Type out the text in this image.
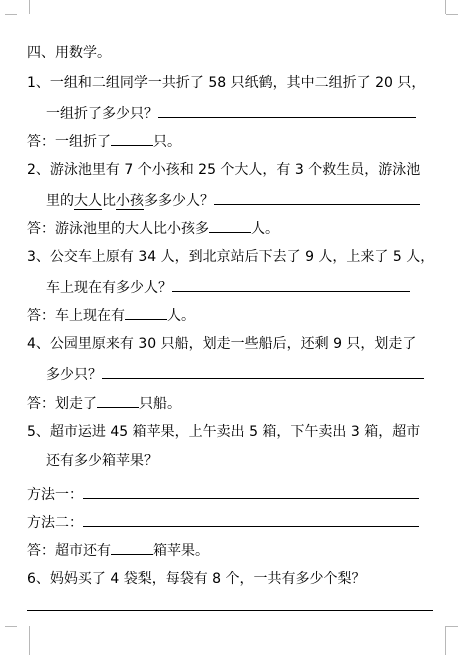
四、用数学。
1、一组和二组同学一共折了 58 只纸鹤，其中二组折了 20 只，
一组折了多少只？
答：一组折了	只。
2、游泳池里有 7 个小孩和 25 个大人，有 3 个救生员，游泳池
里的大人比小孩多多少人？
答：游泳池里的大人比小孩多	人。
3、公交车上原有 34 人，到北京站后下去了 9 人，上来了 5 人，
车上现在有多少人？
答：车上现在有	人。
4、公园里原来有 30 只船，划走一些船后，还剩 9 只，划走了
多少只？
答：划走了	只船。
5、超市运进 45 箱苹果，上午卖出 5 箱，下午卖出 3 箱，超市
还有多少箱苹果？
方法一：
方法二：
答：超市还有	箱苹果。
6、妈妈买了 4 袋梨，每袋有 8 个，一共有多少个梨？
